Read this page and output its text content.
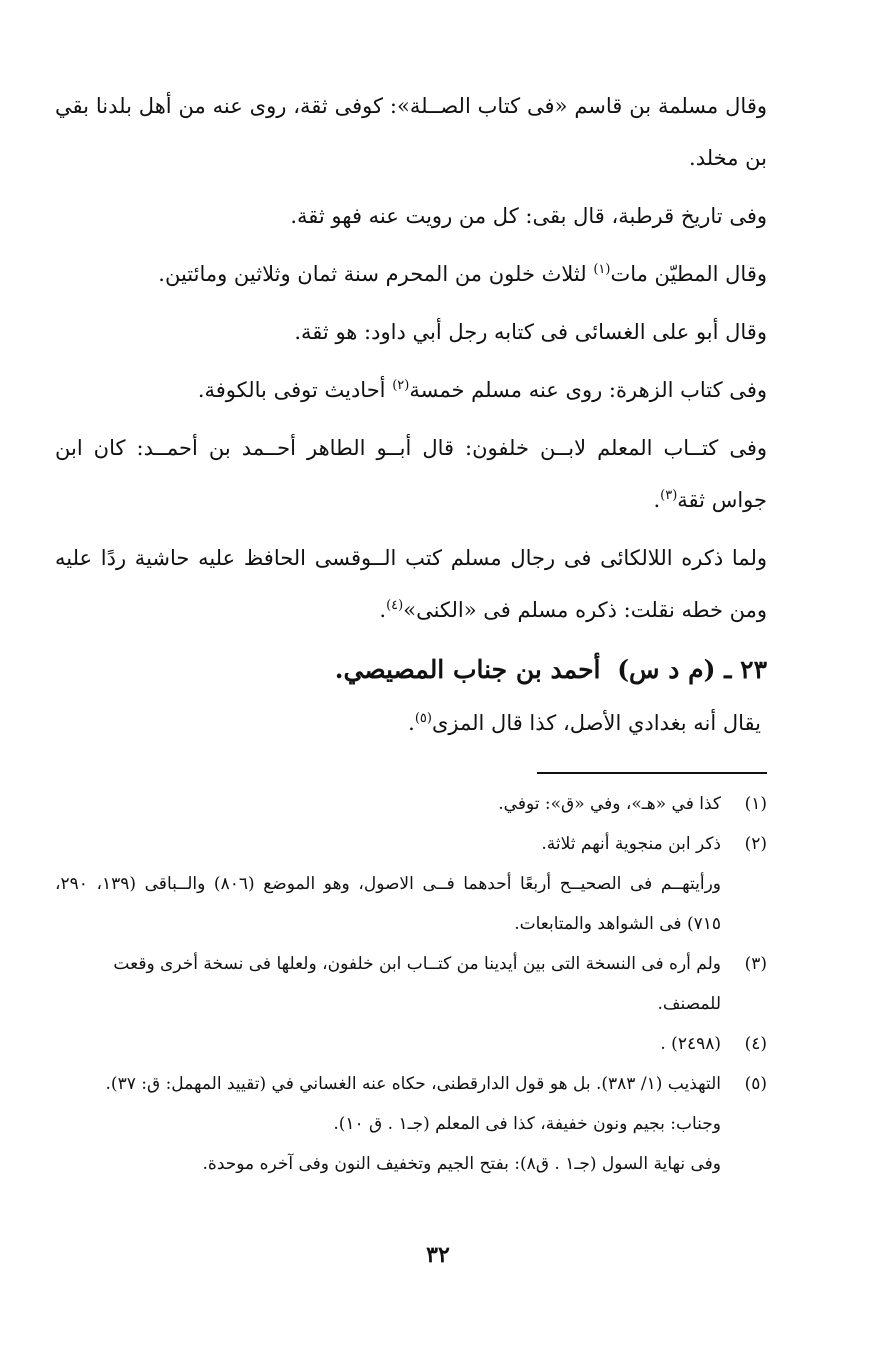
وقال مسلمة بن قاسم «فى كتاب الصــلة»: كوفى ثقة، روى عنه من أهل بلدنا بقي بن مخلد.

وفى تاريخ قرطبة، قال بقى: كل من رويت عنه فهو ثقة.

وقال المطيّن مات$^{(١)}$ لثلاث خلون من المحرم سنة ثمان وثلاثين ومائتين.

وقال أبو على الغسائى فى كتابه رجل أبي داود: هو ثقة.

وفى كتاب الزهرة: روى عنه مسلم خمسة$^{(٢)}$ أحاديث توفى بالكوفة.

وفى كتــاب المعلم لابــن خلفون: قال أبــو الطاهر أحــمد بن أحمــد: كان ابن جواس ثقة$^{(٣)}$.

ولما ذكره اللالكائى فى رجال مسلم كتب الــوقسى الحافظ عليه حاشية ردًا عليه ومن خطه نقلت: ذكره مسلم فى «الكنى»$^{(٤)}$.

٢٣ ـ (م د س) أحمد بن جناب المصيصي.

يقال أنه بغدادي الأصل، كذا قال المزى$^{(٥)}$.

(١)
كذا في «هـ»، وفي «ق»: توفي.
(٢)
ذكر ابن منجوية أنهم ثلاثة.
ورأيتهــم فى الصحيــح أربعًا أحدهما فــى الاصول، وهو الموضع (٨٠٦) والــباقى (١٣٩، ٢٩٠، ٧١٥) فى الشواهد والمتابعات.
(٣)
ولم أره فى النسخة التى بين أيدينا من كتــاب ابن خلفون، ولعلها فى نسخة أخرى وقعت للمصنف.
(٤)
(٢٤٩٨) .
(٥)
التهذيب (١/ ٣٨٣). بل هو قول الدارقطنى، حكاه عنه الغساني في (تقييد المهمل: ق: ٣٧).
وجناب: بجيم ونون خفيفة، كذا فى المعلم (جـ١ . ق ١٠).
وفى نهاية السول (جـ١ . ق٨): بفتح الجيم وتخفيف النون وفى آخره موحدة.
٣٢
